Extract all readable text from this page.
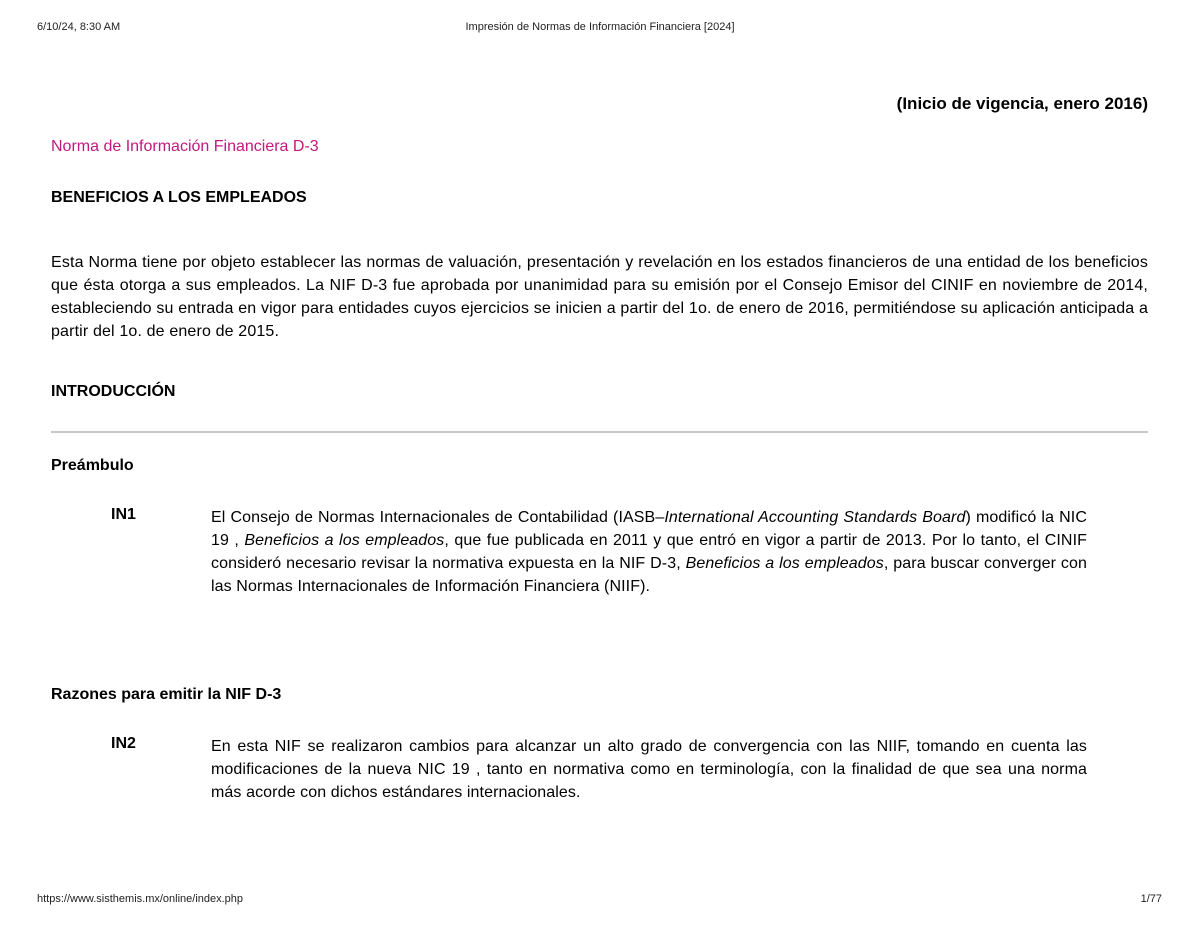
6/10/24, 8:30 AM	Impresión de Normas de Información Financiera [2024]
(Inicio de vigencia, enero 2016)
Norma de Información Financiera D-3
BENEFICIOS A LOS EMPLEADOS
Esta Norma tiene por objeto establecer las normas de valuación, presentación y revelación en los estados financieros de una entidad de los beneficios que ésta otorga a sus empleados. La NIF D-3 fue aprobada por unanimidad para su emisión por el Consejo Emisor del CINIF en noviembre de 2014, estableciendo su entrada en vigor para entidades cuyos ejercicios se inicien a partir del 1o. de enero de 2016, permitiéndose su aplicación anticipada a partir del 1o. de enero de 2015.
INTRODUCCIÓN
Preámbulo
IN1	El Consejo de Normas Internacionales de Contabilidad (IASB–International Accounting Standards Board) modificó la NIC 19 , Beneficios a los empleados, que fue publicada en 2011 y que entró en vigor a partir de 2013. Por lo tanto, el CINIF consideró necesario revisar la normativa expuesta en la NIF D-3, Beneficios a los empleados, para buscar converger con las Normas Internacionales de Información Financiera (NIIF).
Razones para emitir la NIF D-3
IN2	En esta NIF se realizaron cambios para alcanzar un alto grado de convergencia con las NIIF, tomando en cuenta las modificaciones de la nueva NIC 19 , tanto en normativa como en terminología, con la finalidad de que sea una norma más acorde con dichos estándares internacionales.
https://www.sisthemis.mx/online/index.php	1/77
